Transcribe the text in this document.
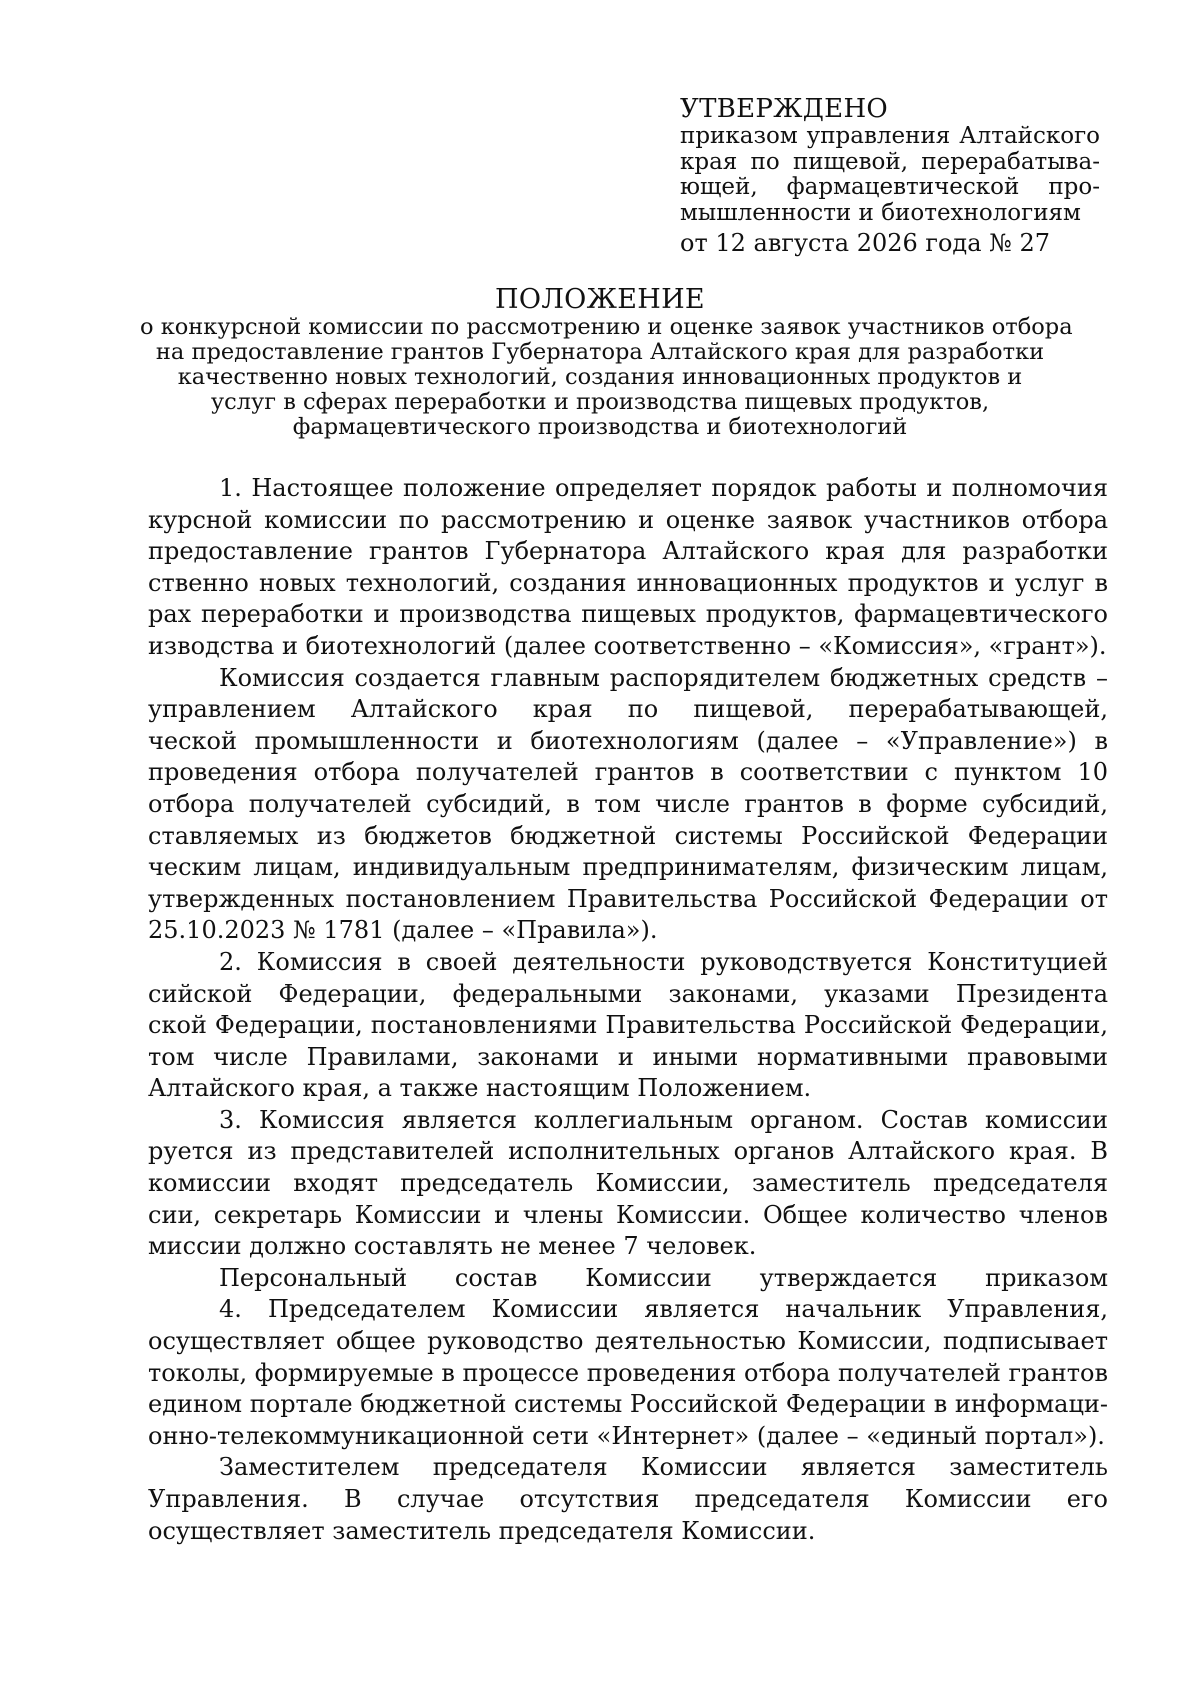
УТВЕРЖДЕНО
приказом управления Алтайского
края по пищевой, перерабатыва-
ющей, фармацевтической про-
мышленности и биотехнологиям
от 12 августа 2026 года № 27
ПОЛОЖЕНИЕ
о конкурсной комиссии по рассмотрению и оценке заявок участников отбора
на предоставление грантов Губернатора Алтайского края для разработки
качественно новых технологий, создания инновационных продуктов и
услуг в сферах переработки и производства пищевых продуктов,
фармацевтического производства и биотехнологий
1. Настоящее положение определяет порядок работы и полномочия
курсной комиссии по рассмотрению и оценке заявок участников отбора
предоставление грантов Губернатора Алтайского края для разработки
ственно новых технологий, создания инновационных продуктов и услуг в
рах переработки и производства пищевых продуктов, фармацевтического
изводства и биотехнологий (далее соответственно – «Комиссия», «грант»).
Комиссия создается главным распорядителем бюджетных средств –
управлением Алтайского края по пищевой, перерабатывающей,
ческой промышленности и биотехнологиям (далее – «Управление») в
проведения отбора получателей грантов в соответствии с пунктом 10
отбора получателей субсидий, в том числе грантов в форме субсидий,
ставляемых из бюджетов бюджетной системы Российской Федерации
ческим лицам, индивидуальным предпринимателям, физическим лицам,
утвержденных постановлением Правительства Российской Федерации от
25.10.2023 № 1781 (далее – «Правила»).
2. Комиссия в своей деятельности руководствуется Конституцией
сийской Федерации, федеральными законами, указами Президента
ской Федерации, постановлениями Правительства Российской Федерации,
том числе Правилами, законами и иными нормативными правовыми
Алтайского края, а также настоящим Положением.
3. Комиссия является коллегиальным органом. Состав комиссии
руется из представителей исполнительных органов Алтайского края. В
комиссии входят председатель Комиссии, заместитель председателя
сии, секретарь Комиссии и члены Комиссии. Общее количество членов
миссии должно составлять не менее 7 человек.
Персональный состав Комиссии утверждается приказом
4. Председателем Комиссии является начальник Управления,
осуществляет общее руководство деятельностью Комиссии, подписывает
токолы, формируемые в процессе проведения отбора получателей грантов
едином портале бюджетной системы Российской Федерации в информаци-
онно-телекоммуникационной сети «Интернет» (далее – «единый портал»).
Заместителем председателя Комиссии является заместитель
Управления. В случае отсутствия председателя Комиссии его
осуществляет заместитель председателя Комиссии.
